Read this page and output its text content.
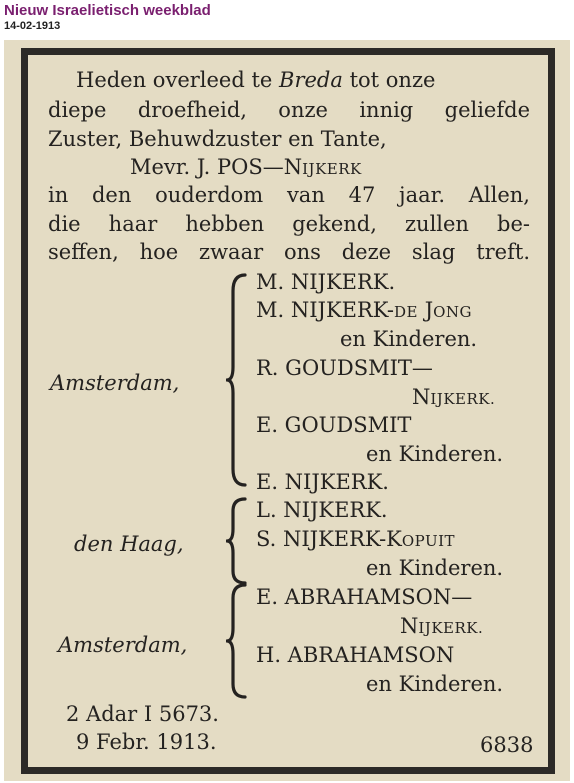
Nieuw Israelietisch weekblad
14-02-1913
Heden overleed te Breda tot onze
diepe droefheid, onze innig geliefde
Zuster, Behuwdzuster en Tante,
Mevr. J. POS—NIJKERK
in den ouderdom van 47 jaar. Allen,
die haar hebben gekend, zullen be-
seffen, hoe zwaar ons deze slag treft.
Amsterdam,
M. NIJKERK.
M. NIJKERK-DE JONG
en Kinderen.
R. GOUDSMIT—
NIJKERK.
E. GOUDSMIT
en Kinderen.
E. NIJKERK.
den Haag,
L. NIJKERK.
S. NIJKERK-KOPUIT
en Kinderen.
Amsterdam,
E. ABRAHAMSON—
NIJKERK.
H. ABRAHAMSON
en Kinderen.
2 Adar I 5673.
9 Febr. 1913.	6838
